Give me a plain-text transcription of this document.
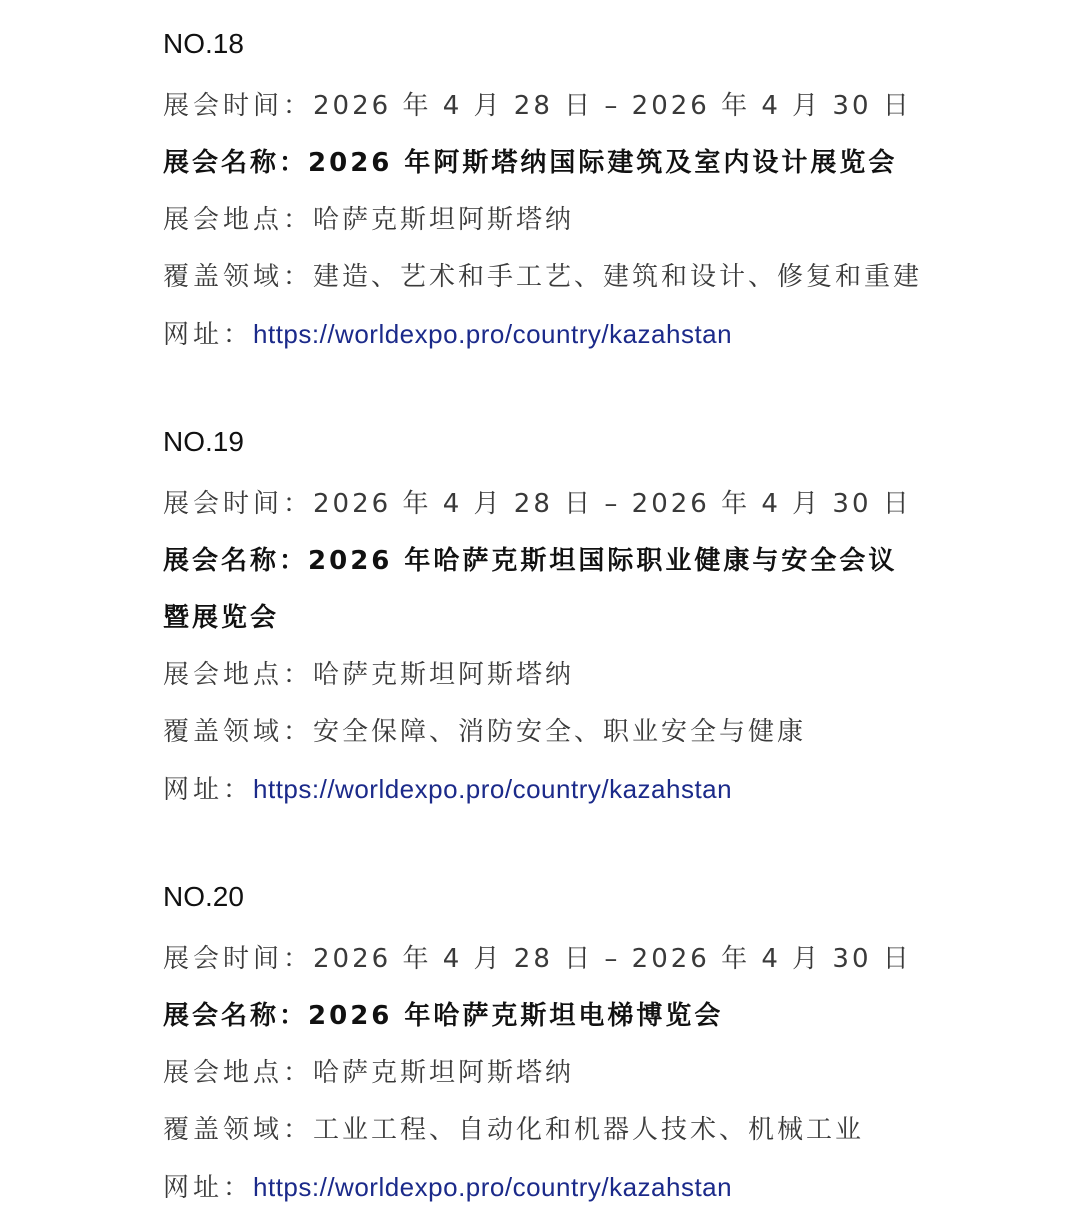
NO.18
展会时间：2026 年 4 月 28 日 – 2026 年 4 月 30 日
展会名称：2026 年阿斯塔纳国际建筑及室内设计展览会
展会地点：哈萨克斯坦阿斯塔纳
覆盖领域：建造、艺术和手工艺、建筑和设计、修复和重建
网址：https://worldexpo.pro/country/kazahstan
NO.19
展会时间：2026 年 4 月 28 日 – 2026 年 4 月 30 日
展会名称：2026 年哈萨克斯坦国际职业健康与安全会议暨展览会
展会地点：哈萨克斯坦阿斯塔纳
覆盖领域：安全保障、消防安全、职业安全与健康
网址：https://worldexpo.pro/country/kazahstan
NO.20
展会时间：2026 年 4 月 28 日 – 2026 年 4 月 30 日
展会名称：2026 年哈萨克斯坦电梯博览会
展会地点：哈萨克斯坦阿斯塔纳
覆盖领域：工业工程、自动化和机器人技术、机械工业
网址：https://worldexpo.pro/country/kazahstan
